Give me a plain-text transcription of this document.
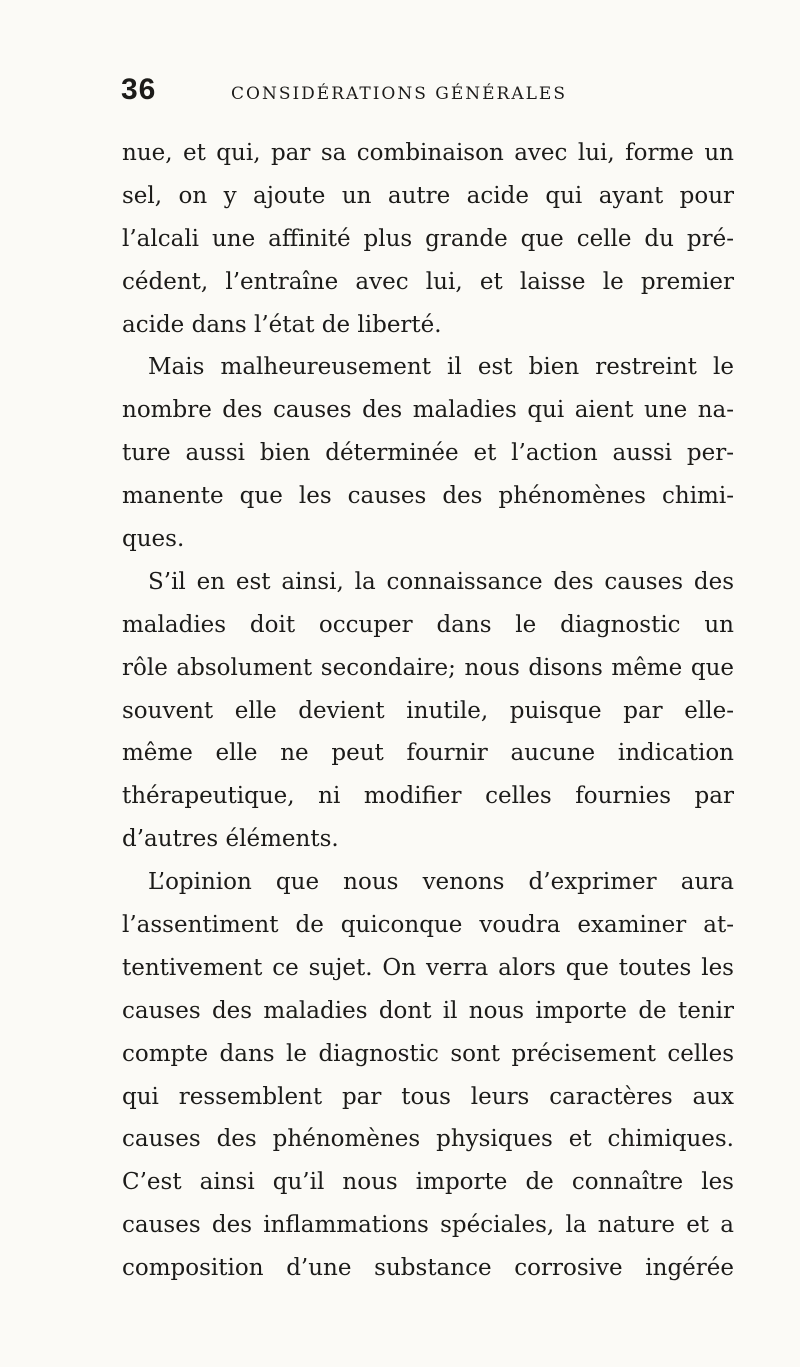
36	CONSIDÉRATIONS GÉNÉRALES
nue, et qui, par sa combinaison avec lui, forme un
sel, on y ajoute un autre acide qui ayant pour
l’alcali une affinité plus grande que celle du pré-
cédent, l’entraîne avec lui, et laisse le premier
acide dans l’état de liberté.
Mais malheureusement il est bien restreint le
nombre des causes des maladies qui aient une na-
ture aussi bien déterminée et l’action aussi per-
manente que les causes des phénomènes chimi-
ques.
S’il en est ainsi, la connaissance des causes des
maladies doit occuper dans le diagnostic un
rôle absolument secondaire; nous disons même que
souvent elle devient inutile, puisque par elle-
même elle ne peut fournir aucune indication
thérapeutique, ni modifier celles fournies par
d’autres éléments.
L’opinion que nous venons d’exprimer aura
l’assentiment de quiconque voudra examiner at-
tentivement ce sujet. On verra alors que toutes les
causes des maladies dont il nous importe de tenir
compte dans le diagnostic sont précisement celles
qui ressemblent par tous leurs caractères aux
causes des phénomènes physiques et chimiques.
C’est ainsi qu’il nous importe de connaître les
causes des inflammations spéciales, la nature et a
composition d’une substance corrosive ingérée
